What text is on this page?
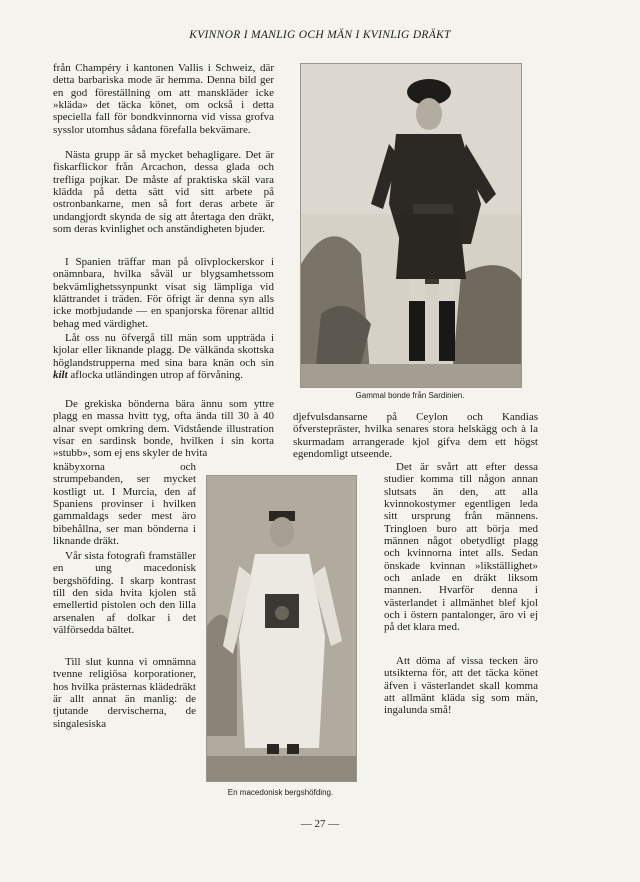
KVINNOR I MANLIG OCH MÄN I KVINLIG DRÄKT

från Champéry i kantonen Vallis i Schweiz, där detta barbariska mode är hemma. Denna bild ger en god föreställning om att manskläder icke »kläda» det täcka könet, om också i detta speciella fall för bondkvinnorna vid vissa grofva sysslor utomhus sådana förefalla bekvämare.

Nästa grupp är så mycket behagligare. Det är fiskarflickor från Arcachon, dessa glada och trefliga pojkar. De måste af praktiska skäl vara klädda på detta sätt vid sitt arbete på ostronbankarne, men så fort deras arbete är undangjordt skynda de sig att återtaga den dräkt, som deras kvinlighet och anständigheten bjuder.

I Spanien träffar man på olivplockerskor i onämnbara, hvilka såväl ur blygsamhetssom bekvämlighetssynpunkt visat sig lämpliga vid klättrandet i träden. För öfrigt är denna syn alls icke motbjudande — en spanjorska förenar alltid behag med värdighet.

Låt oss nu öfvergå till män som uppträda i kjolar eller liknande plagg. De välkända skottska höglandstrupperna med sina bara knän och sin kilt aflocka utländingen utrop af förvåning.

De grekiska bönderna bära ännu som yttre plagg en massa hvitt tyg, ofta ända till 30 à 40 alnar svept omkring dem. Vidstående illustration visar en sardinsk bonde, hvilken i sin korta »stubb», som ej ens skyler de hvita

knäbyxorna och strumpebanden, ser mycket kostligt ut. I Murcia, den af Spaniens provinser i hvilken gammaldags seder mest äro bibehållna, ser man bönderna i liknande dräkt.

Vår sista fotografi framställer en ung macedonisk bergshöfding. I skarp kontrast till den sida hvita kjolen stå emellertid pistolen och den lilla arsenalen af dolkar i det välförsedda bältet.

Till slut kunna vi omnämna tvenne religiösa korporationer, hos hvilka prästernas klädedräkt är allt annat än manlig: de tjutande dervischerna, de singalesiska

Gammal bonde från Sardinien.

djefvulsdansarne på Ceylon och Kandias öfverstepräster, hvilka senares stora helskägg och à la skurmadam arrangerade kjol gifva dem ett högst egendomligt utseende.

Det är svårt att efter dessa studier komma till någon annan slutsats än den, att alla kvinnokostymer egentligen leda sitt ursprung från männens. Tringloen buro att börja med männen något obetydligt plagg och kvinnorna intet alls. Sedan önskade kvinnan »likställighet» och anlade en dräkt liksom mannen. Hvarför denna i västerlandet i allmänhet blef kjol och i östern pantalonger, äro vi ej på det klara med.

Att döma af vissa tecken äro utsikterna för, att det täcka könet äfven i västerlandet skall komma att allmänt kläda sig som män, ingalunda små!

En macedonisk bergshöfding.
— 27 —
